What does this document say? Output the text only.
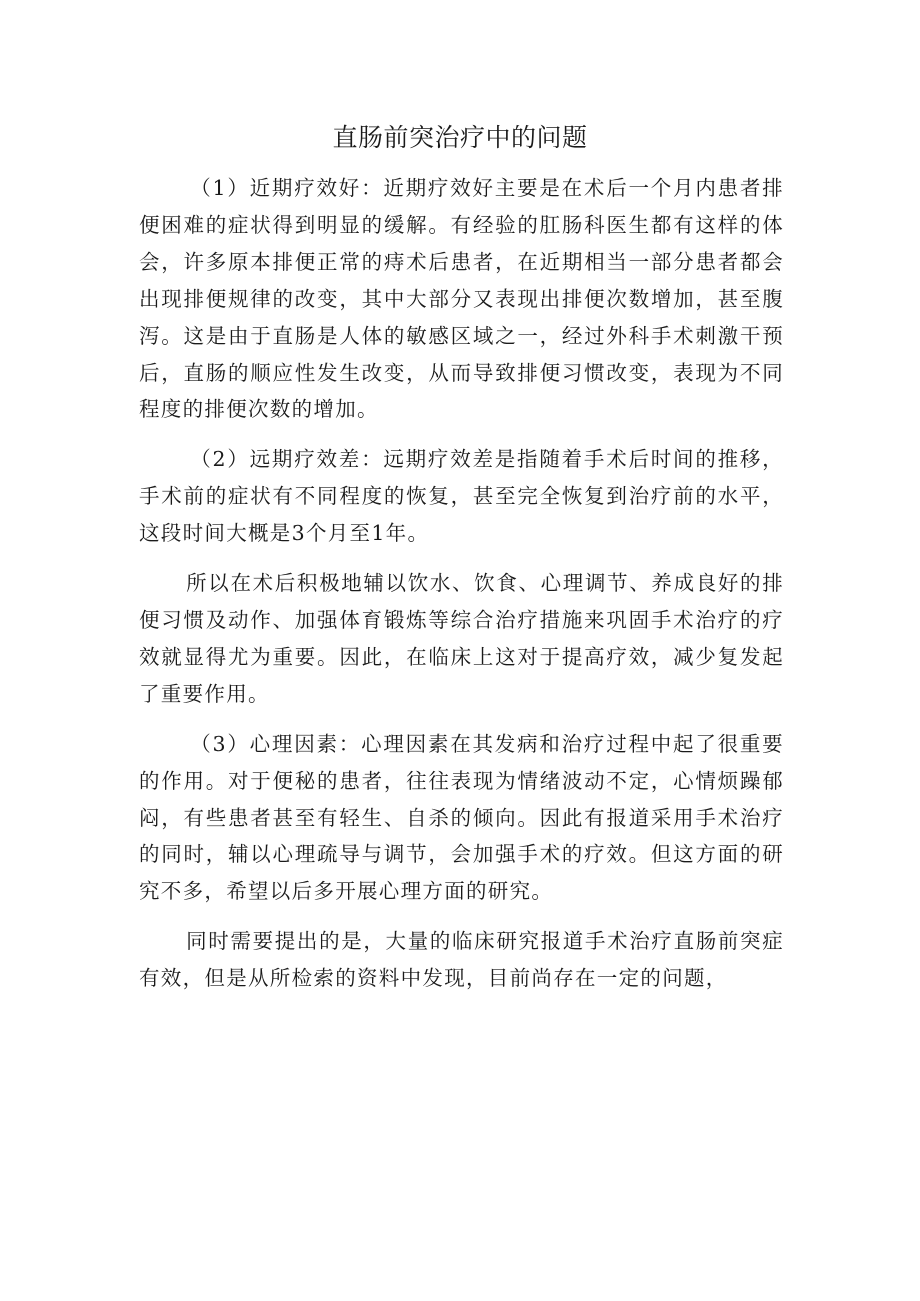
直肠前突治疗中的问题

（1）近期疗效好：近期疗效好主要是在术后一个月内患者排便困难的症状得到明显的缓解。有经验的肛肠科医生都有这样的体会，许多原本排便正常的痔术后患者，在近期相当一部分患者都会出现排便规律的改变，其中大部分又表现出排便次数增加，甚至腹泻。这是由于直肠是人体的敏感区域之一，经过外科手术刺激干预后，直肠的顺应性发生改变，从而导致排便习惯改变，表现为不同程度的排便次数的增加。

（2）远期疗效差：远期疗效差是指随着手术后时间的推移，手术前的症状有不同程度的恢复，甚至完全恢复到治疗前的水平，这段时间大概是3个月至1年。

所以在术后积极地辅以饮水、饮食、心理调节、养成良好的排便习惯及动作、加强体育锻炼等综合治疗措施来巩固手术治疗的疗效就显得尤为重要。因此，在临床上这对于提高疗效，减少复发起了重要作用。

（3）心理因素：心理因素在其发病和治疗过程中起了很重要的作用。对于便秘的患者，往往表现为情绪波动不定，心情烦躁郁闷，有些患者甚至有轻生、自杀的倾向。因此有报道采用手术治疗的同时，辅以心理疏导与调节，会加强手术的疗效。但这方面的研究不多，希望以后多开展心理方面的研究。

同时需要提出的是，大量的临床研究报道手术治疗直肠前突症有效，但是从所检索的资料中发现，目前尚存在一定的问题，
